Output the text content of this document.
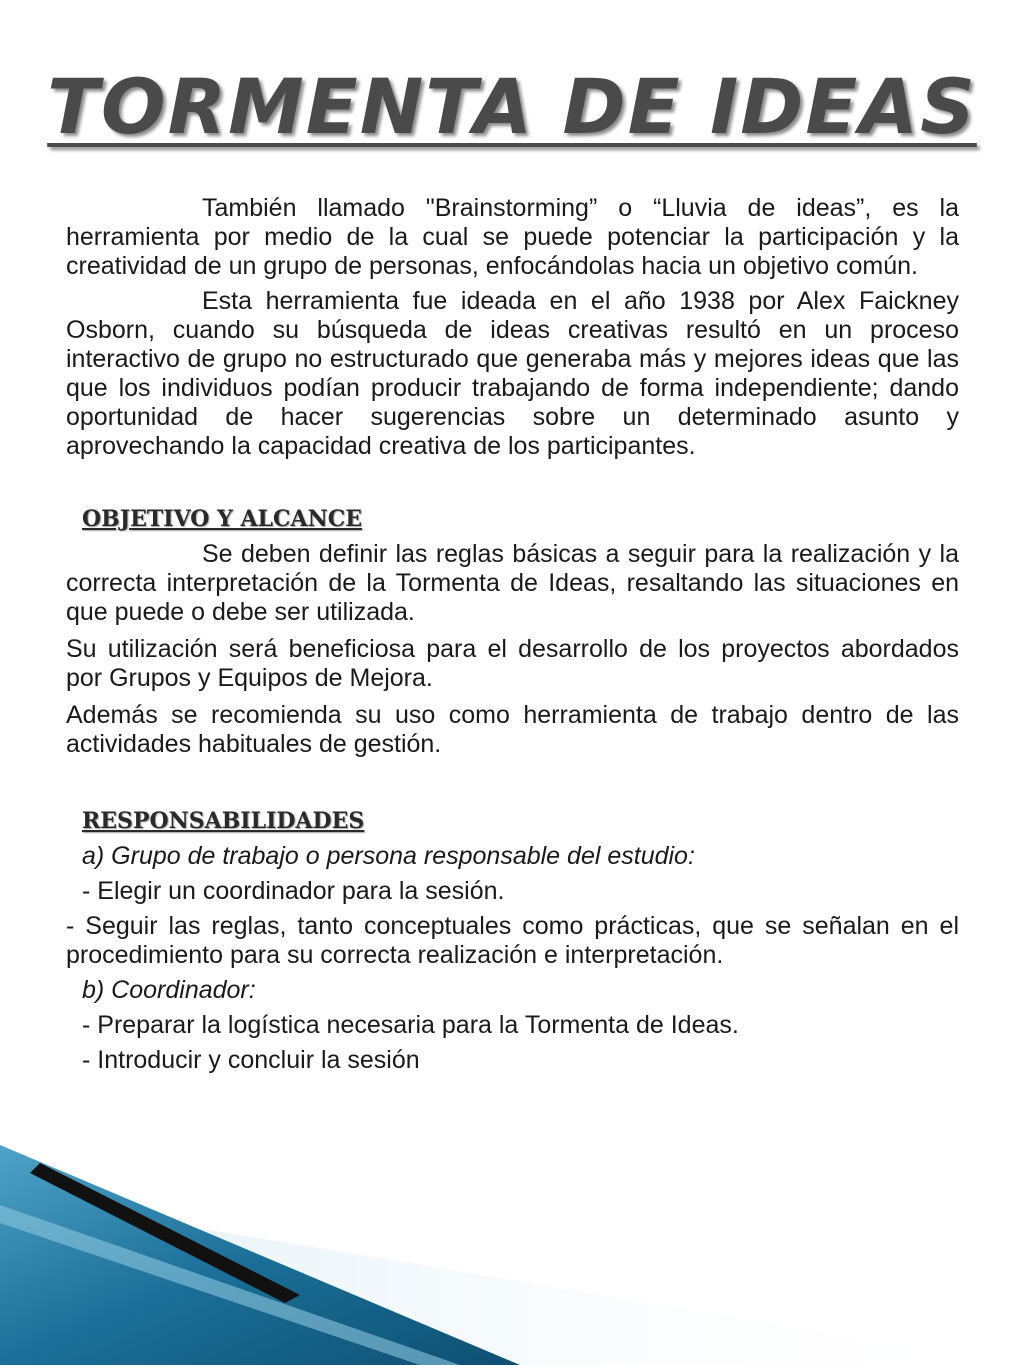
TORMENTA DE IDEAS

También llamado "Brainstorming” o “Lluvia de ideas”, es la herramienta por medio de la cual se puede potenciar la participación y la creatividad de un grupo de personas, enfocándolas hacia un objetivo común.

Esta herramienta fue ideada en el año 1938 por Alex Faickney Osborn, cuando su búsqueda de ideas creativas resultó en un proceso interactivo de grupo no estructurado que generaba más y mejores ideas que las que los individuos podían producir trabajando de forma independiente; dando oportunidad de hacer sugerencias sobre un determinado asunto y aprovechando la capacidad creativa de los participantes.

OBJETIVO Y ALCANCE

Se deben definir las reglas básicas a seguir para la realización y la correcta interpretación de la Tormenta de Ideas, resaltando las situaciones en que puede o debe ser utilizada.

Su utilización será beneficiosa para el desarrollo de los proyectos abordados por Grupos y Equipos de Mejora.

Además se recomienda su uso como herramienta de trabajo dentro de las actividades habituales de gestión.

RESPONSABILIDADES

a) Grupo de trabajo o persona responsable del estudio:

- Elegir un coordinador para la sesión.

- Seguir las reglas, tanto conceptuales como prácticas, que se señalan en el procedimiento para su correcta realización e interpretación.

b) Coordinador:

- Preparar la logística necesaria para la Tormenta de Ideas.

- Introducir y concluir la sesión
